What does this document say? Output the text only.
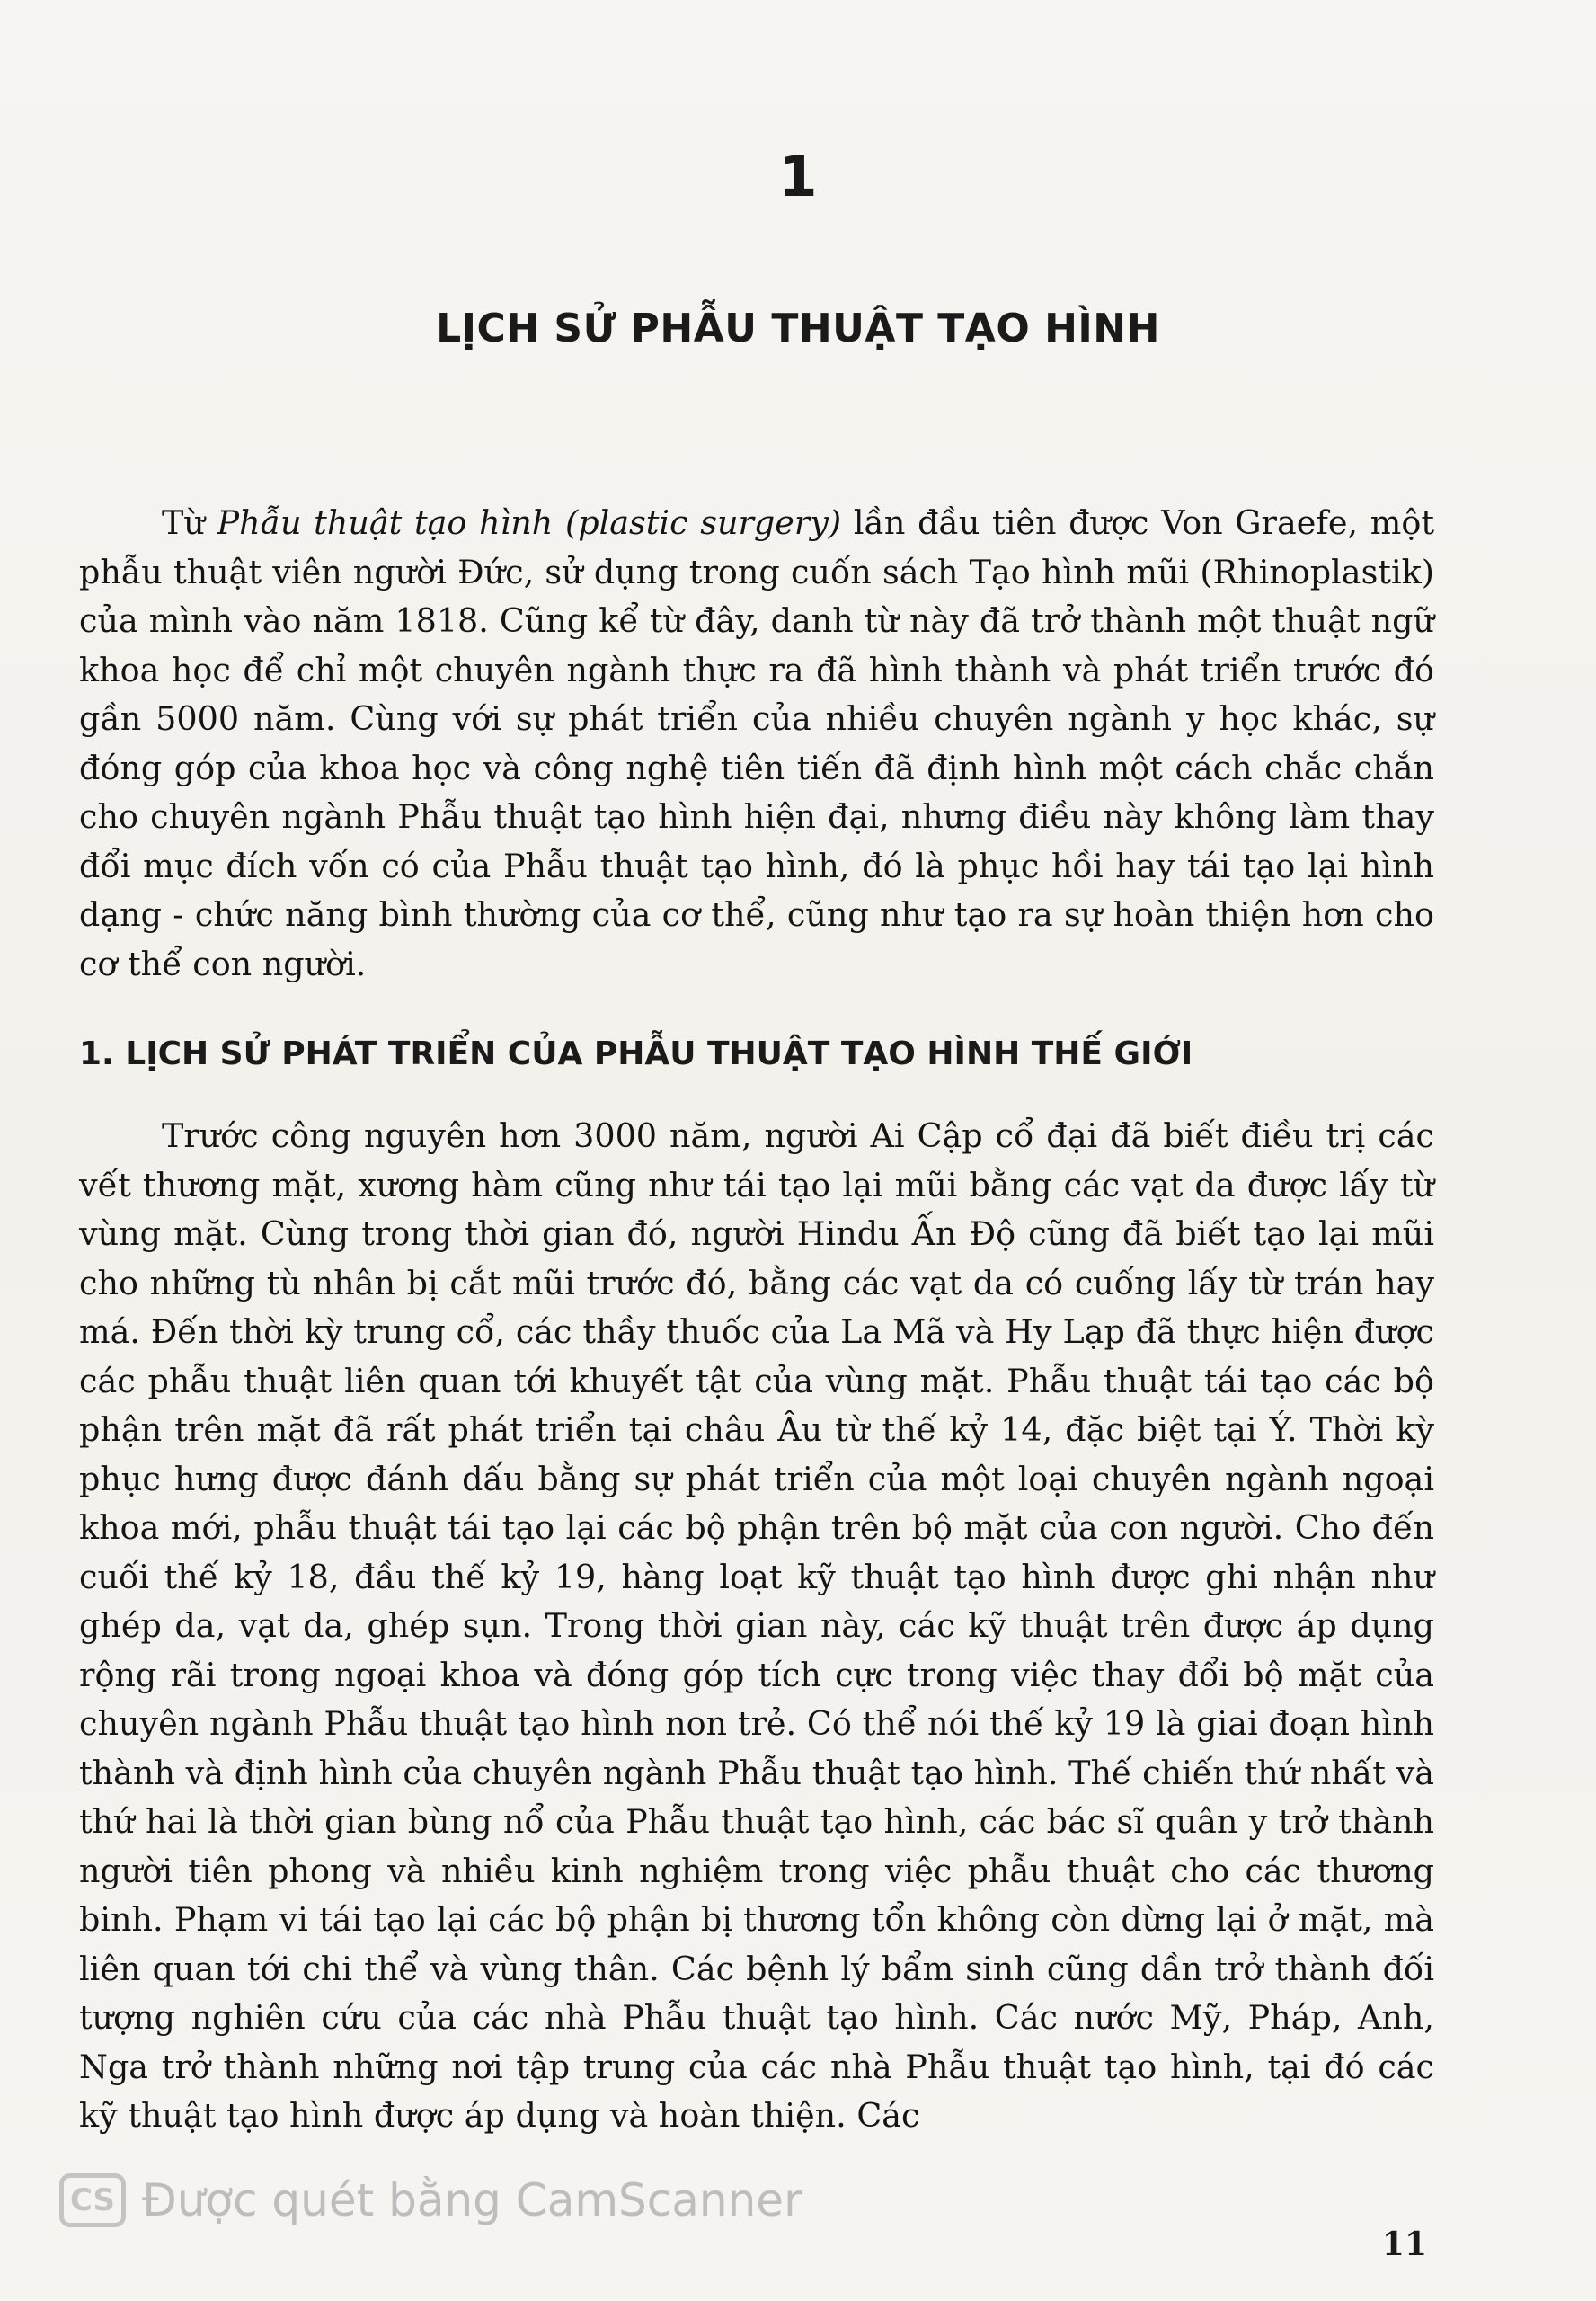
1
LỊCH SỬ PHẪU THUẬT TẠO HÌNH

Từ Phẫu thuật tạo hình (plastic surgery) lần đầu tiên được Von Graefe, một phẫu thuật viên người Đức, sử dụng trong cuốn sách Tạo hình mũi (Rhinoplastik) của mình vào năm 1818. Cũng kể từ đây, danh từ này đã trở thành một thuật ngữ khoa học để chỉ một chuyên ngành thực ra đã hình thành và phát triển trước đó gần 5000 năm. Cùng với sự phát triển của nhiều chuyên ngành y học khác, sự đóng góp của khoa học và công nghệ tiên tiến đã định hình một cách chắc chắn cho chuyên ngành Phẫu thuật tạo hình hiện đại, nhưng điều này không làm thay đổi mục đích vốn có của Phẫu thuật tạo hình, đó là phục hồi hay tái tạo lại hình dạng - chức năng bình thường của cơ thể, cũng như tạo ra sự hoàn thiện hơn cho cơ thể con người.

1. LỊCH SỬ PHÁT TRIỂN CỦA PHẪU THUẬT TẠO HÌNH THẾ GIỚI

Trước công nguyên hơn 3000 năm, người Ai Cập cổ đại đã biết điều trị các vết thương mặt, xương hàm cũng như tái tạo lại mũi bằng các vạt da được lấy từ vùng mặt. Cùng trong thời gian đó, người Hindu Ấn Độ cũng đã biết tạo lại mũi cho những tù nhân bị cắt mũi trước đó, bằng các vạt da có cuống lấy từ trán hay má. Đến thời kỳ trung cổ, các thầy thuốc của La Mã và Hy Lạp đã thực hiện được các phẫu thuật liên quan tới khuyết tật của vùng mặt. Phẫu thuật tái tạo các bộ phận trên mặt đã rất phát triển tại châu Âu từ thế kỷ 14, đặc biệt tại Ý. Thời kỳ phục hưng được đánh dấu bằng sự phát triển của một loại chuyên ngành ngoại khoa mới, phẫu thuật tái tạo lại các bộ phận trên bộ mặt của con người. Cho đến cuối thế kỷ 18, đầu thế kỷ 19, hàng loạt kỹ thuật tạo hình được ghi nhận như ghép da, vạt da, ghép sụn. Trong thời gian này, các kỹ thuật trên được áp dụng rộng rãi trong ngoại khoa và đóng góp tích cực trong việc thay đổi bộ mặt của chuyên ngành Phẫu thuật tạo hình non trẻ. Có thể nói thế kỷ 19 là giai đoạn hình thành và định hình của chuyên ngành Phẫu thuật tạo hình. Thế chiến thứ nhất và thứ hai là thời gian bùng nổ của Phẫu thuật tạo hình, các bác sĩ quân y trở thành người tiên phong và nhiều kinh nghiệm trong việc phẫu thuật cho các thương binh. Phạm vi tái tạo lại các bộ phận bị thương tổn không còn dừng lại ở mặt, mà liên quan tới chi thể và vùng thân. Các bệnh lý bẩm sinh cũng dần trở thành đối tượng nghiên cứu của các nhà Phẫu thuật tạo hình. Các nước Mỹ, Pháp, Anh, Nga trở thành những nơi tập trung của các nhà Phẫu thuật tạo hình, tại đó các kỹ thuật tạo hình được áp dụng và hoàn thiện. Các

CS Được quét bằng CamScanner
11
